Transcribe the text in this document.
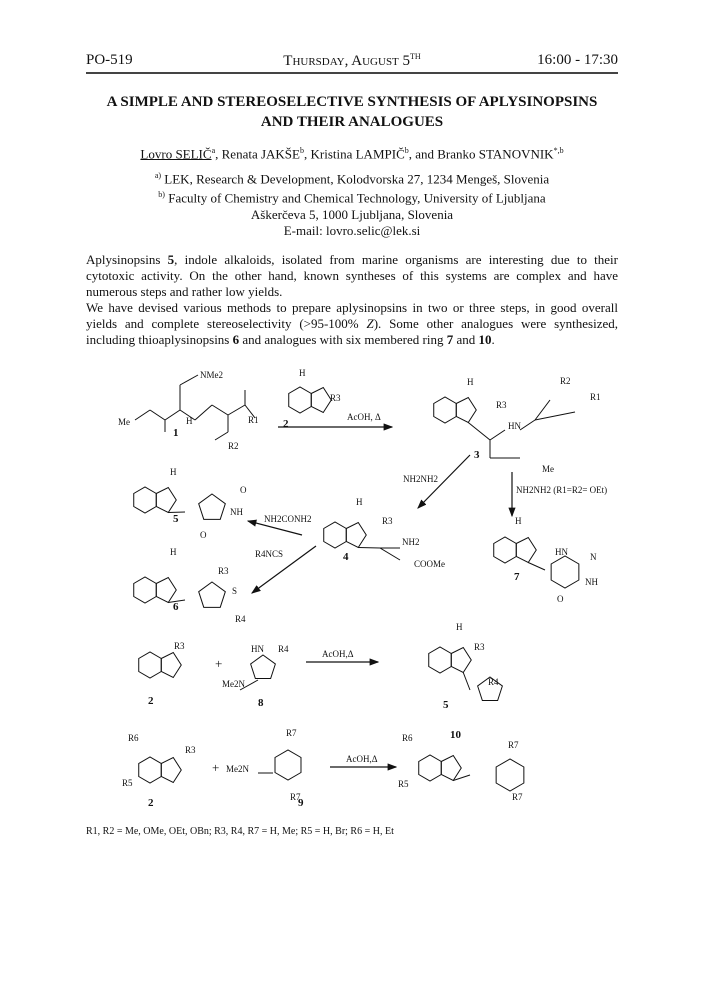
PO-519	Thursday, August 5TH	16:00 - 17:30
A SIMPLE AND STEREOSELECTIVE SYNTHESIS OF APLYSINOPSINS
AND THEIR ANALOGUES
Lovro SELIČ$^a$, Renata JAKŠE$^b$, Kristina LAMPIČ$^b$, and Branko $STANOVNIK^{*,b}$
$^{a)}$ LEK, Research & Development, Kolodvorska 27, 1234 Mengeš, Slovenia
$^{b)}$ Faculty of Chemistry and Chemical Technology, University of Ljubljana
Aškerčeva 5, 1000 Ljubljana, Slovenia
E-mail: lovro.selic@lek.si

Aplysinopsins 5, indole alkaloids, isolated from marine organisms are interesting due to their cytotoxic activity. On the other hand, known syntheses of this systems are complex and have numerous steps and rather low yields.

We have devised various methods to prepare aplysinopsins in two or three steps, in good overall yields and complete stereoselectivity (>95-100% Z). Some other analogues were synthesized, including thioaplysinopsins 6 and analogues with six membered ring 7 and 10.

AcOH, Δ
NH2NH2
NH2NH2 (R1=R2= OEt)
NH2CONH2
R4NCS
AcOH,Δ
AcOH,Δ
1
2
3
4
5
6
7
2	8	5
2	9
10
+
+
NMe2
Me	R1
R2
H
R3
H
R3
H	R2
R1
HN
Me
H
O
NH
O
H
R3
NH2
COOMe
H
R3
S
R4
H
HN N
NH
O
R3	HN R4
Me2N
R3
R4
H
R6
R5
R3
R7
R7
Me2N
R6
R5
R7
R7
R1, R2 = Me, OMe, OEt, OBn; R3, R4, R7 = H, Me; R5 = H, Br; R6 = H, Et
